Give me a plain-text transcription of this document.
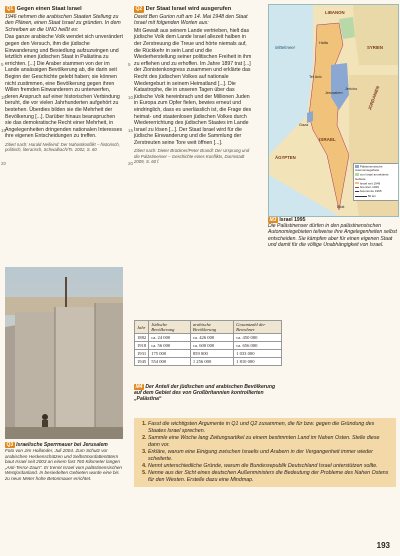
Q1 Gegen einen Staat Israel
1946 nehmen die arabischen Staaten Stellung zu den Plänen, einen Staat Israel zu gründen. In dem Schreiben an die UNO heißt es:

Das ganze arabische Volk wendet sich unverändert gegen den Versuch, ihm die jüdische Einwanderung und Besiedlung aufzuzwingen und letztlich einen jüdischen Staat in Palästina zu errichten. [...] Die Araber stammen von der im Lande ansässigen Bevölkerung ab, die darin seit Beginn der Geschichte gelebt haben; sie können nicht zustimmen, eine Bevölkerung gegen ihren Willen fremden Einwanderern zu unterwerfen, deren Anspruch auf einer historischen Verbindung beruht, die vor vielen Jahrhunderten aufgehört zu bestehen. Überdies bilden sie die Mehrheit der Bevölkerung [...]. Darüber hinaus beanspruchen sie das demokratische Recht einer Mehrheit, in Angelegenheiten dringenden nationalen Interesses ihre eigenen Entscheidungen zu treffen.

Zitiert nach: Harald Neifeind: Der Nahostkonflikt – historisch, politisch, literarisch, Schwalbach/Ts. 2002, S. 60
5
10
15
20
Q2 Der Staat Israel wird ausgerufen
David Ben Gurion ruft am 14. Mai 1948 den Staat Israel mit folgenden Worten aus:

Mit Gewalt aus seinem Lande vertrieben, hielt das jüdische Volk dem Lande Israel allezeit halben in der Zerstreuung die Treue und hörte niemals auf, die Rückkehr in sein Land und die Wiederherstellung seiner politischen Freiheit in ihm zu erflehen und zu erhoffen. Im Jahre 1897 trat [...] der Zionistenkongress zusammen und erklärte das Recht des jüdischen Volkes auf nationale Wiedergeburt in seinem Heimatland [...]. Die Katastrophe, die in unseren Tagen über das jüdische Volk hereinbrach und der Millionen Juden in Europa zum Opfer fielen, bewies erneut und eindringlich, dass es unerlässlich ist, die Frage des heimat- und staatenlosen jüdischen Volkes durch Wiedererrichtung des jüdischen Staates im Lande Israel zu lösen [...]. Der Staat Israel wird für die jüdische Einwanderung und die Sammlung der Zerstreuten seine Tore weit öffnen [...].

Zitiert nach: Dieter Brückner/Peter Brandl: Der Ursprung und die Palästinenser – Geschichte eines Konflikts, Darmstadt 2009, S. 60 f.
5
10
15
20
LIBANON
SYRIEN
Mittelmeer
ISRAEL
JORDANIEN
ÄGYPTEN
Haifa
Tel Aviv
Jerusalem
Jericho
Gaza
Eilat
Palästinensische Autonomiegebiete
von Israel annektierte Gebiete
Israel seit 1949
Grenzen 1949
Autonomie 1995
50 km
M3 Israel 1995
Die Palästinenser dürfen in den palästinensischen Autonomiegebieten teilweise ihre Angelegenheiten selbst entscheiden. Sie kämpfen aber für einen eigenen Staat und damit für die völlige Unabhängigkeit von Israel.
Q3 Israelische Sperrmauer bei Jerusalem
Foto von Jim Hollander, Juli 2004. Zum Schutz vor arabischen Heckenschützen und Selbstmordattentätern baut Israel seit 2003 an einem fast 760 Kilometer langen „Anti-Terror-Zaun“. Er trennt Israel vom palästinensischen Westjordanland. In besiedelten Gebieten wurde eine bis zu neun Meter hohe Betonmauer errichtet.
Jahr	Jüdische Bevölkerung	arabische Bevölkerung	Gesamtzahl der Bewohner
1882	ca. 24 000	ca. 426 000	ca. 450 000
1918	ca. 56 000	ca. 600 000	ca. 656 000
1931	175 000	859 000	1 033 000
1945	554 000	1 256 000	1 810 000
M4 Der Anteil der jüdischen und arabischen Bevölkerung auf dem Gebiet des von Großbritannien kontrollierten „Palästina“
1. Fasst die wichtigsten Argumente in Q1 und Q2 zusammen, die für bzw. gegen die Gründung des Staates Israel sprechen.
2. Sammle eine Woche lang Zeitungsartikel zu einem bestimmten Land im Nahen Osten. Stelle diese dann vor.
3. Erkläre, warum eine Einigung zwischen Israelis und Arabern in der Vergangenheit immer wieder scheiterte.
4. Nennt unterschiedliche Gründe, warum die Bundesrepublik Deutschland Israel unterstützen sollte.
5. Nenne aus der Sicht eines deutschen Außenministers die Bedeutung der Probleme des Nahen Ostens für den Westen. Erstelle dazu eine Mindmap.
193
